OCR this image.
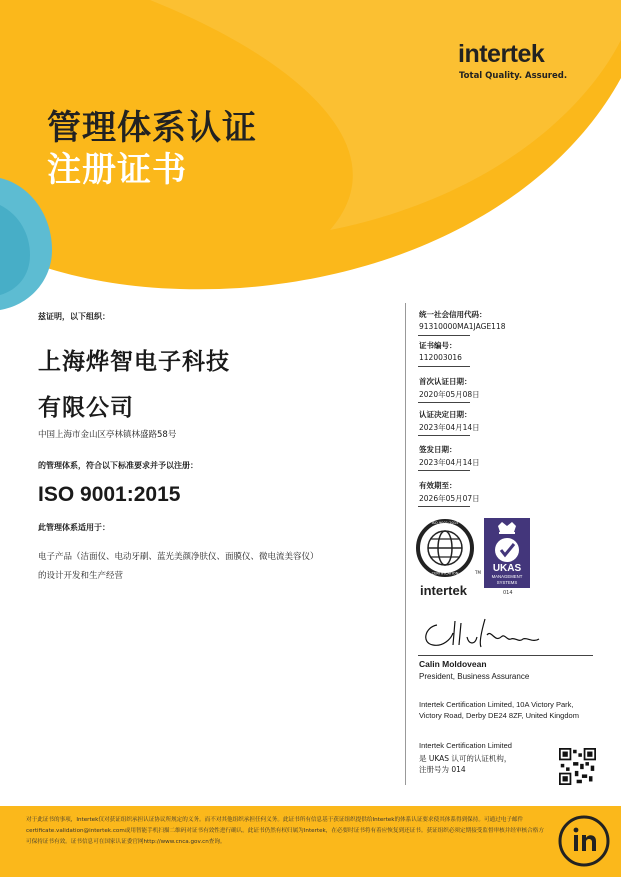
intertek
Total Quality. Assured.
管理体系认证
注册证书
兹证明，以下组织：
上海烨智电子科技
有限公司
中国上海市金山区亭林镇林盛路58号
的管理体系，符合以下标准要求并予以注册：
ISO 9001:2015
此管理体系适用于：
电子产品（洁面仪、电动牙刷、蓝光美颜净肤仪、面膜仪、微电流美容仪）
的设计开发和生产经营
统一社会信用代码：
91310000MA1JAGE118
证书编号：
112003016
首次认证日期：
2020年05月08日
认证决定日期：
2023年04月14日
签发日期：
2023年04月14日
有效期至：
2026年05月07日
ISO 9001:2015
CERTIFICATION
intertek
TM UKAS
MANAGEMENT
SYSTEMS
014
Calin Moldovean
President, Business Assurance
Intertek Certification Limited, 10A Victory Park, Victory Road, Derby DE24 8ZF, United Kingdom
Intertek Certification Limited
是 UKAS 认可的认证机构，
注册号为 014
对于此证书的事项，Intertek仅对获证组织承担认证协议所规定的义务。而不对其他组织承担任何义务。此证书所有信息基于获证组织提供给Intertek的体系认证要求使其体系得到保持。可通过电子邮件certificate.validation@intertek.com或用智能手机扫描二维码对证书有效性进行确认。此证书仍然有权归属为Intertek，在必要时证书将有着应恢复到还证书。获证组织必须定期接受监督审核并经审核合格方可保持证书有效。证书信息可在国家认证委官网http://www.cnca.gov.cn查询。
